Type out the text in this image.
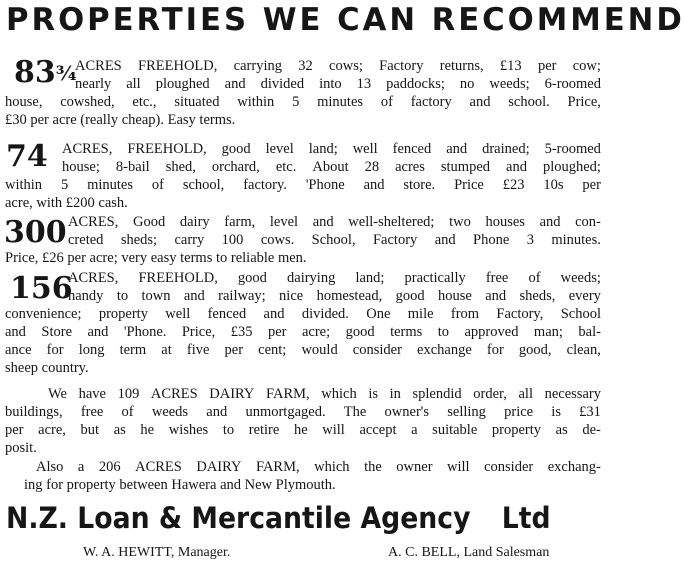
PROPERTIES WE CAN RECOMMEND
$83^{\frac{3}{4}}$
ACRES FREEHOLD, carrying 32 cows; Factory returns, £13 per cow;
nearly all ploughed and divided into 13 paddocks; no weeds; 6-roomed
house, cowshed, etc., situated within 5 minutes of factory and school. Price,
£30 per acre (really cheap). Easy terms.
74 ACRES, FREEHOLD, good level land; well fenced and drained; 5-roomed
house; 8-bail shed, orchard, etc. About 28 acres stumped and ploughed;
within 5 minutes of school, factory. 'Phone and store. Price £23 10s per
acre, with £200 cash.
300 ACRES, Good dairy farm, level and well-sheltered; two houses and con-
creted sheds; carry 100 cows. School, Factory and Phone 3 minutes.
Price, £26 per acre; very easy terms to reliable men.
156
ACRES, FREEHOLD, good dairying land; practically free of weeds;
handy to town and railway; nice homestead, good house and sheds, every
convenience; property well fenced and divided. One mile from Factory, School
and Store and 'Phone. Price, £35 per acre; good terms to approved man; bal-
ance for long term at five per cent; would consider exchange for good, clean,
sheep country.
We have 109 ACRES DAIRY FARM, which is in splendid order, all necessary
buildings, free of weeds and unmortgaged. The owner's selling price is £31
per acre, but as he wishes to retire he will accept a suitable property as de-
posit.
Also a 206 ACRES DAIRY FARM, which the owner will consider exchang-
ing for property between Hawera and New Plymouth.
N.Z. Loan & Mercantile Agency Ltd
W. A. HEWITT, Manager.	A. C. BELL, Land Salesman
